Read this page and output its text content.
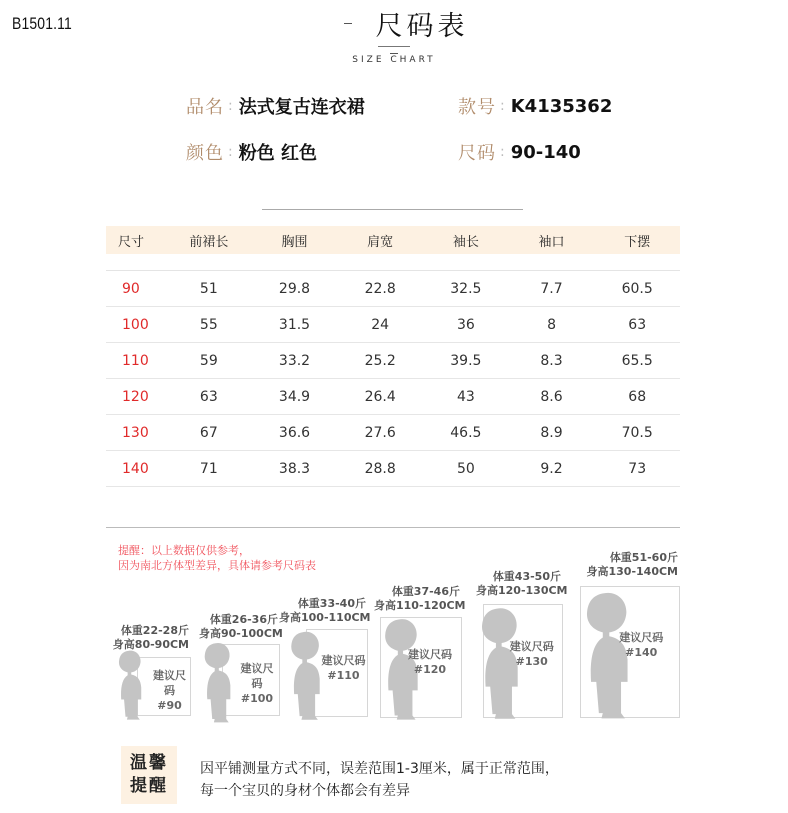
B1501.11	尺码表
SIZE CHART
品名 : 法式复古连衣裙	款号 : K4135362
颜色 : 粉色 红色	尺码 : 90-140
尺寸	前裙长	胸围	肩宽	袖长	袖口	下摆
90	51	29.8	22.8	32.5	7.7	60.5
100	55	31.5	24	36	8	63
110	59	33.2	25.2	39.5	8.3	65.5
120	63	34.9	26.4	43	8.6	68
130	67	36.6	27.6	46.5	8.9	70.5
140	71	38.3	28.8	50	9.2	73
提醒：以上数据仅供参考，
因为南北方体型差异，具体请参考尺码表
体重22-28斤
身高80-90CM
建议尺码
#90
体重26-36斤
身高90-100CM
建议尺码
#100
体重33-40斤
身高100-110CM
建议尺码
#110
体重37-46斤
身高110-120CM
建议尺码
#120
体重43-50斤
身高120-130CM
建议尺码
#130
体重51-60斤
身高130-140CM
建议尺码
#140
温馨
提醒
因平铺测量方式不同，误差范围1-3厘米，属于正常范围，
每一个宝贝的身材个体都会有差异
